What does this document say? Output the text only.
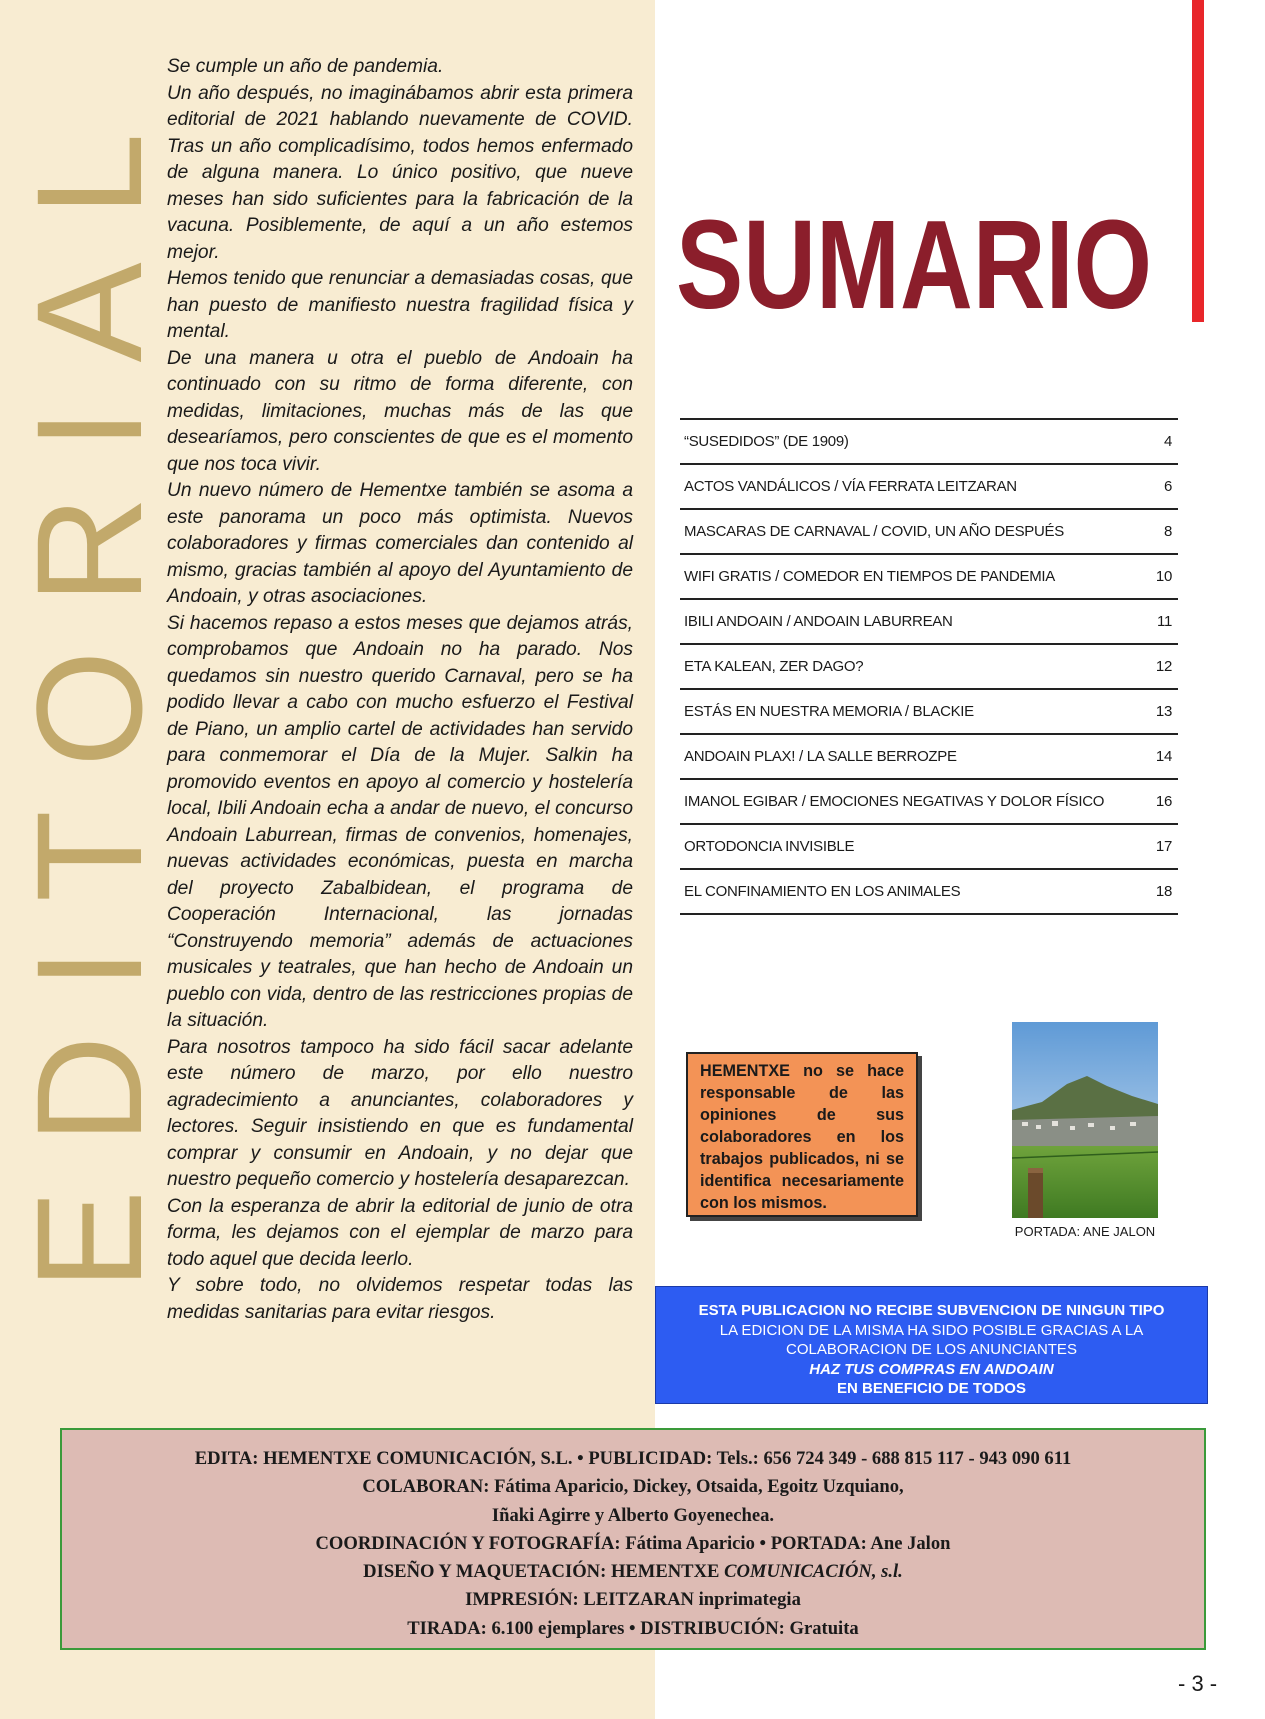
EDITORIAL

Se cumple un año de pandemia.

Un año después, no imaginábamos abrir esta primera editorial de 2021 hablando nuevamente de COVID. Tras un año complicadísimo, todos hemos enfermado de alguna manera. Lo único positivo, que nueve meses han sido suficientes para la fabricación de la vacuna. Posiblemente, de aquí a un año estemos mejor.

Hemos tenido que renunciar a demasiadas cosas, que han puesto de manifiesto nuestra fragilidad física y mental.

De una manera u otra el pueblo de Andoain ha continuado con su ritmo de forma diferente, con medidas, limitaciones, muchas más de las que desearíamos, pero conscientes de que es el momento que nos toca vivir.

Un nuevo número de Hementxe también se asoma a este panorama un poco más optimista. Nuevos colaboradores y firmas comerciales dan contenido al mismo, gracias también al apoyo del Ayuntamiento de Andoain, y otras asociaciones.

Si hacemos repaso a estos meses que dejamos atrás, comprobamos que Andoain no ha parado. Nos quedamos sin nuestro querido Carnaval, pero se ha podido llevar a cabo con mucho esfuerzo el Festival de Piano, un amplio cartel de actividades han servido para conmemorar el Día de la Mujer. Salkin ha promovido eventos en apoyo al comercio y hostelería local, Ibili Andoain echa a andar de nuevo, el concurso Andoain Laburrean, firmas de convenios, homenajes, nuevas actividades económicas, puesta en marcha del proyecto Zabalbidean, el programa de Cooperación Internacional, las jornadas “Construyendo memoria” además de actuaciones musicales y teatrales, que han hecho de Andoain un pueblo con vida, dentro de las restricciones propias de la situación.

Para nosotros tampoco ha sido fácil sacar adelante este número de marzo, por ello nuestro agradecimiento a anunciantes, colaboradores y lectores. Seguir insistiendo en que es fundamental comprar y consumir en Andoain, y no dejar que nuestro pequeño comercio y hostelería desaparezcan.

Con la esperanza de abrir la editorial de junio de otra forma, les dejamos con el ejemplar de marzo para todo aquel que decida leerlo.

Y sobre todo, no olvidemos respetar todas las medidas sanitarias para evitar riesgos.

SUMARIO
“SUSEDIDOS” (DE 1909)	4
ACTOS VANDÁLICOS / VÍA FERRATA LEITZARAN	6
MASCARAS DE CARNAVAL / COVID, UN AÑO DESPUÉS	8
WIFI GRATIS / COMEDOR EN TIEMPOS DE PANDEMIA	10
IBILI ANDOAIN / ANDOAIN LABURREAN	11
ETA KALEAN, ZER DAGO?	12
ESTÁS EN NUESTRA MEMORIA / BLACKIE	13
ANDOAIN PLAX! / LA SALLE BERROZPE	14
IMANOL EGIBAR / EMOCIONES NEGATIVAS Y DOLOR FÍSICO	16
ORTODONCIA INVISIBLE	17
EL CONFINAMIENTO EN LOS ANIMALES	18
HEMENTXE no se hace responsable de las opiniones de sus colaboradores en los trabajos publicados, ni se identifica necesariamente con los mismos.
PORTADA: ANE JALON
ESTA PUBLICACION NO RECIBE SUBVENCION DE NINGUN TIPO
LA EDICION DE LA MISMA HA SIDO POSIBLE GRACIAS A LA
COLABORACION DE LOS ANUNCIANTES
HAZ TUS COMPRAS EN ANDOAIN
EN BENEFICIO DE TODOS
EDITA: HEMENTXE COMUNICACIÓN, S.L. • PUBLICIDAD: Tels.: 656 724 349 - 688 815 117 - 943 090 611
COLABORAN: Fátima Aparicio, Dickey, Otsaida, Egoitz Uzquiano,
Iñaki Agirre y Alberto Goyenechea.
COORDINACIÓN Y FOTOGRAFÍA: Fátima Aparicio • PORTADA: Ane Jalon
DISEÑO Y MAQUETACIÓN: HEMENTXE COMUNICACIÓN, s.l.
IMPRESIÓN: LEITZARAN inprimategia
TIRADA: 6.100 ejemplares • DISTRIBUCIÓN: Gratuita
- 3 -
